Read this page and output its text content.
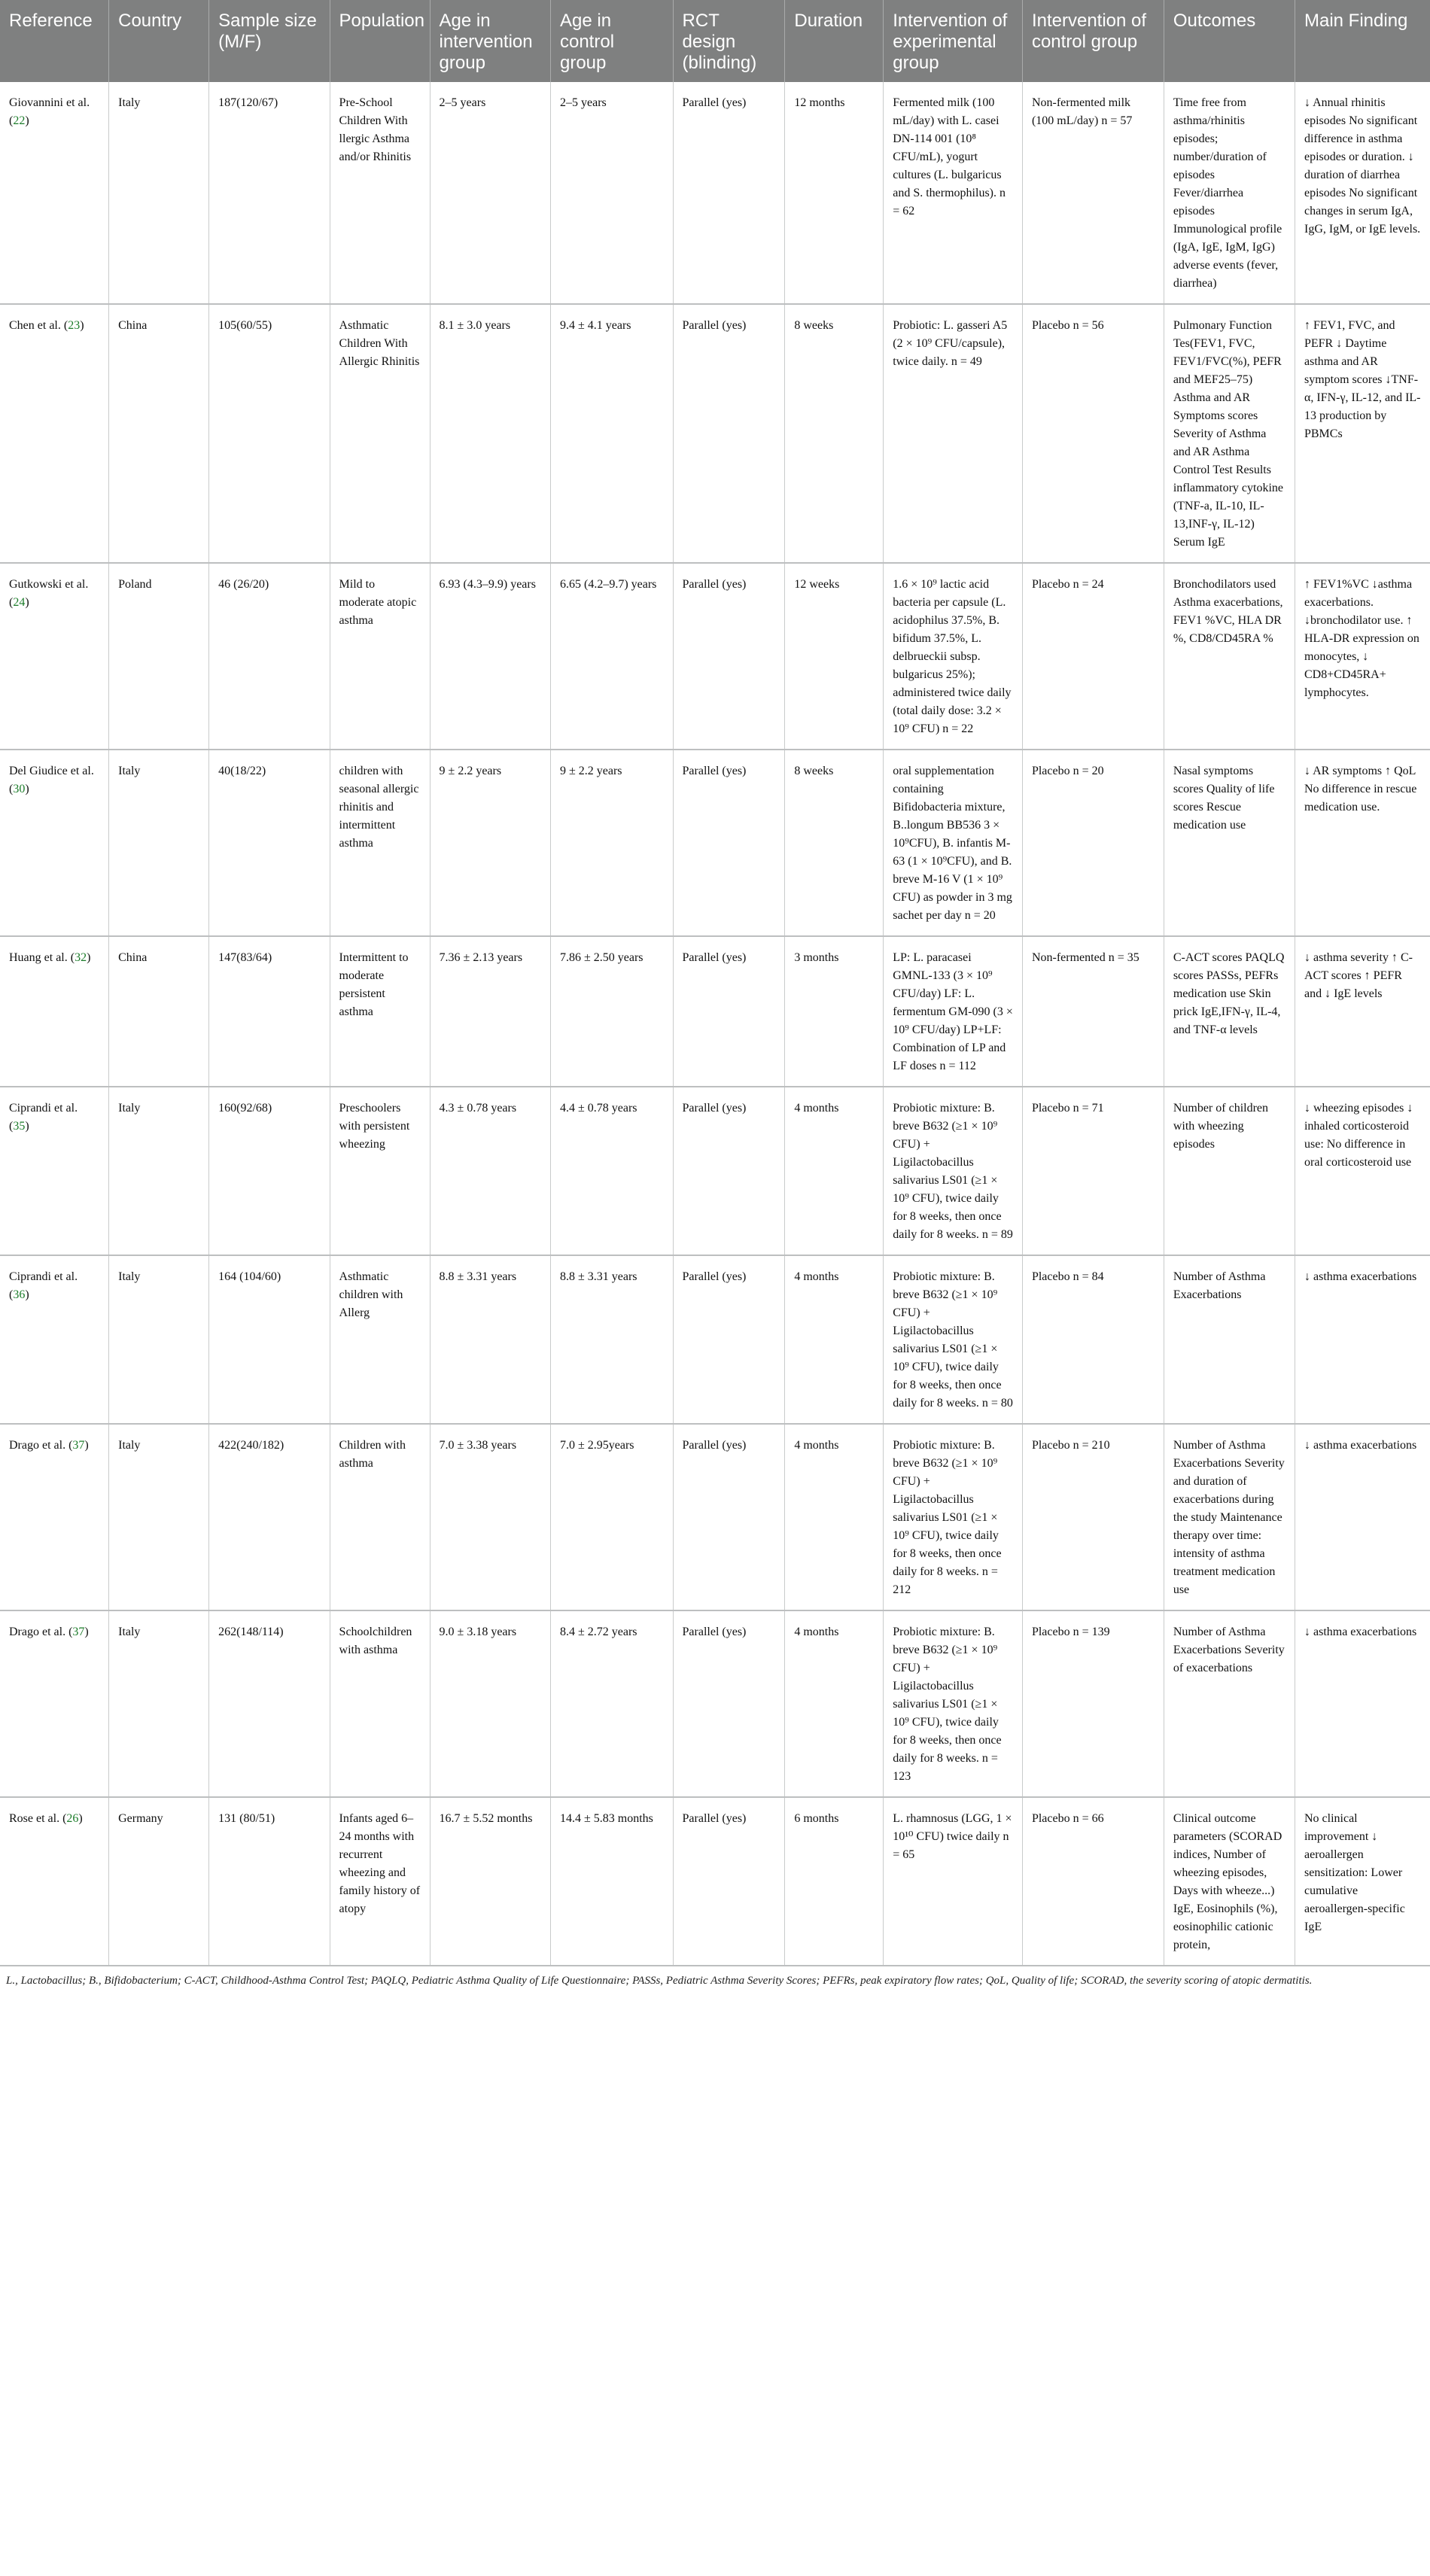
Reference	Country	Sample size (M/F)	Population	Age in intervention group	Age in control group	RCT design (blinding)	Duration	Intervention of experimental group	Intervention of control group	Outcomes	Main Finding
Giovannini et al. (22)	Italy	187(120/67)	Pre-School Children With llergic Asthma and/or Rhinitis	2–5 years	2–5 years	Parallel (yes)	12 months	Fermented milk (100 mL/day) with L. casei DN-114 001 (10⁸ CFU/mL), yogurt cultures (L. bulgaricus and S. thermophilus). n = 62	Non-fermented milk (100 mL/day) n = 57	Time free from asthma/rhinitis episodes; number/duration of episodes Fever/diarrhea episodes Immunological profile (IgA, IgE, IgM, IgG) adverse events (fever, diarrhea)	↓ Annual rhinitis episodes No significant difference in asthma episodes or duration. ↓ duration of diarrhea episodes No significant changes in serum IgA, IgG, IgM, or IgE levels.
Chen et al. (23)	China	105(60/55)	Asthmatic Children With Allergic Rhinitis	8.1 ± 3.0 years	9.4 ± 4.1 years	Parallel (yes)	8 weeks	Probiotic: L. gasseri A5 (2 × 10⁹ CFU/capsule), twice daily. n = 49	Placebo n = 56	Pulmonary Function Tes(FEV1, FVC, FEV1/FVC(%), PEFR and MEF25–75) Asthma and AR Symptoms scores Severity of Asthma and AR Asthma Control Test Results inflammatory cytokine (TNF-a, IL-10, IL-13,INF-γ, IL-12) Serum IgE	↑ FEV1, FVC, and PEFR ↓ Daytime asthma and AR symptom scores ↓TNF-α, IFN-γ, IL-12, and IL-13 production by PBMCs
Gutkowski et al. (24)	Poland	46 (26/20)	Mild to moderate atopic asthma	6.93 (4.3–9.9) years	6.65 (4.2–9.7) years	Parallel (yes)	12 weeks	1.6 × 10⁹ lactic acid bacteria per capsule (L. acidophilus 37.5%, B. bifidum 37.5%, L. delbrueckii subsp. bulgaricus 25%); administered twice daily (total daily dose: 3.2 × 10⁹ CFU) n = 22	Placebo n = 24	Bronchodilators used Asthma exacerbations, FEV1 %VC, HLA DR %, CD8/CD45RA %	↑ FEV1%VC ↓asthma exacerbations. ↓bronchodilator use. ↑ HLA-DR expression on monocytes, ↓ CD8+CD45RA+ lymphocytes.
Del Giudice et al. (30)	Italy	40(18/22)	children with seasonal allergic rhinitis and intermittent asthma	9 ± 2.2 years	9 ± 2.2 years	Parallel (yes)	8 weeks	oral supplementation containing Bifidobacteria mixture, B..longum BB536 3 × 10⁹CFU), B. infantis M-63 (1 × 10⁹CFU), and B. breve M-16 V (1 × 10⁹ CFU) as powder in 3 mg sachet per day n = 20	Placebo n = 20	Nasal symptoms scores Quality of life scores Rescue medication use	↓ AR symptoms ↑ QoL No difference in rescue medication use.
Huang et al. (32)	China	147(83/64)	Intermittent to moderate persistent asthma	7.36 ± 2.13 years	7.86 ± 2.50 years	Parallel (yes)	3 months	LP: L. paracasei GMNL-133 (3 × 10⁹ CFU/day) LF: L. fermentum GM-090 (3 × 10⁹ CFU/day) LP+LF: Combination of LP and LF doses n = 112	Non-fermented n = 35	C-ACT scores PAQLQ scores PASSs, PEFRs medication use Skin prick IgE,IFN-γ, IL-4, and TNF-α levels	↓ asthma severity ↑ C-ACT scores ↑ PEFR and ↓ IgE levels
Ciprandi et al. (35)	Italy	160(92/68)	Preschoolers with persistent wheezing	4.3 ± 0.78 years	4.4 ± 0.78 years	Parallel (yes)	4 months	Probiotic mixture: B. breve B632 (≥1 × 10⁹ CFU) + Ligilactobacillus salivarius LS01 (≥1 × 10⁹ CFU), twice daily for 8 weeks, then once daily for 8 weeks. n = 89	Placebo n = 71	Number of children with wheezing episodes	↓ wheezing episodes ↓ inhaled corticosteroid use: No difference in oral corticosteroid use
Ciprandi et al. (36)	Italy	164 (104/60)	Asthmatic children with Allerg	8.8 ± 3.31 years	8.8 ± 3.31 years	Parallel (yes)	4 months	Probiotic mixture: B. breve B632 (≥1 × 10⁹ CFU) + Ligilactobacillus salivarius LS01 (≥1 × 10⁹ CFU), twice daily for 8 weeks, then once daily for 8 weeks. n = 80	Placebo n = 84	Number of Asthma Exacerbations	↓ asthma exacerbations
Drago et al. (37)	Italy	422(240/182)	Children with asthma	7.0 ± 3.38 years	7.0 ± 2.95years	Parallel (yes)	4 months	Probiotic mixture: B. breve B632 (≥1 × 10⁹ CFU) + Ligilactobacillus salivarius LS01 (≥1 × 10⁹ CFU), twice daily for 8 weeks, then once daily for 8 weeks. n = 212	Placebo n = 210	Number of Asthma Exacerbations Severity and duration of exacerbations during the study Maintenance therapy over time: intensity of asthma treatment medication use	↓ asthma exacerbations
Drago et al. (37)	Italy	262(148/114)	Schoolchildren with asthma	9.0 ± 3.18 years	8.4 ± 2.72 years	Parallel (yes)	4 months	Probiotic mixture: B. breve B632 (≥1 × 10⁹ CFU) + Ligilactobacillus salivarius LS01 (≥1 × 10⁹ CFU), twice daily for 8 weeks, then once daily for 8 weeks. n = 123	Placebo n = 139	Number of Asthma Exacerbations Severity of exacerbations	↓ asthma exacerbations
Rose et al. (26)	Germany	131 (80/51)	Infants aged 6–24 months with recurrent wheezing and family history of atopy	16.7 ± 5.52 months	14.4 ± 5.83 months	Parallel (yes)	6 months	L. rhamnosus (LGG, 1 × 10¹⁰ CFU) twice daily n = 65	Placebo n = 66	Clinical outcome parameters (SCORAD indices, Number of wheezing episodes, Days with wheeze...) IgE, Eosinophils (%), eosinophilic cationic protein,	No clinical improvement ↓ aeroallergen sensitization: Lower cumulative aeroallergen-specific IgE
L., Lactobacillus; B., Bifidobacterium; C-ACT, Childhood-Asthma Control Test; PAQLQ, Pediatric Asthma Quality of Life Questionnaire; PASSs, Pediatric Asthma Severity Scores; PEFRs, peak expiratory flow rates; QoL, Quality of life; SCORAD, the severity scoring of atopic dermatitis.
